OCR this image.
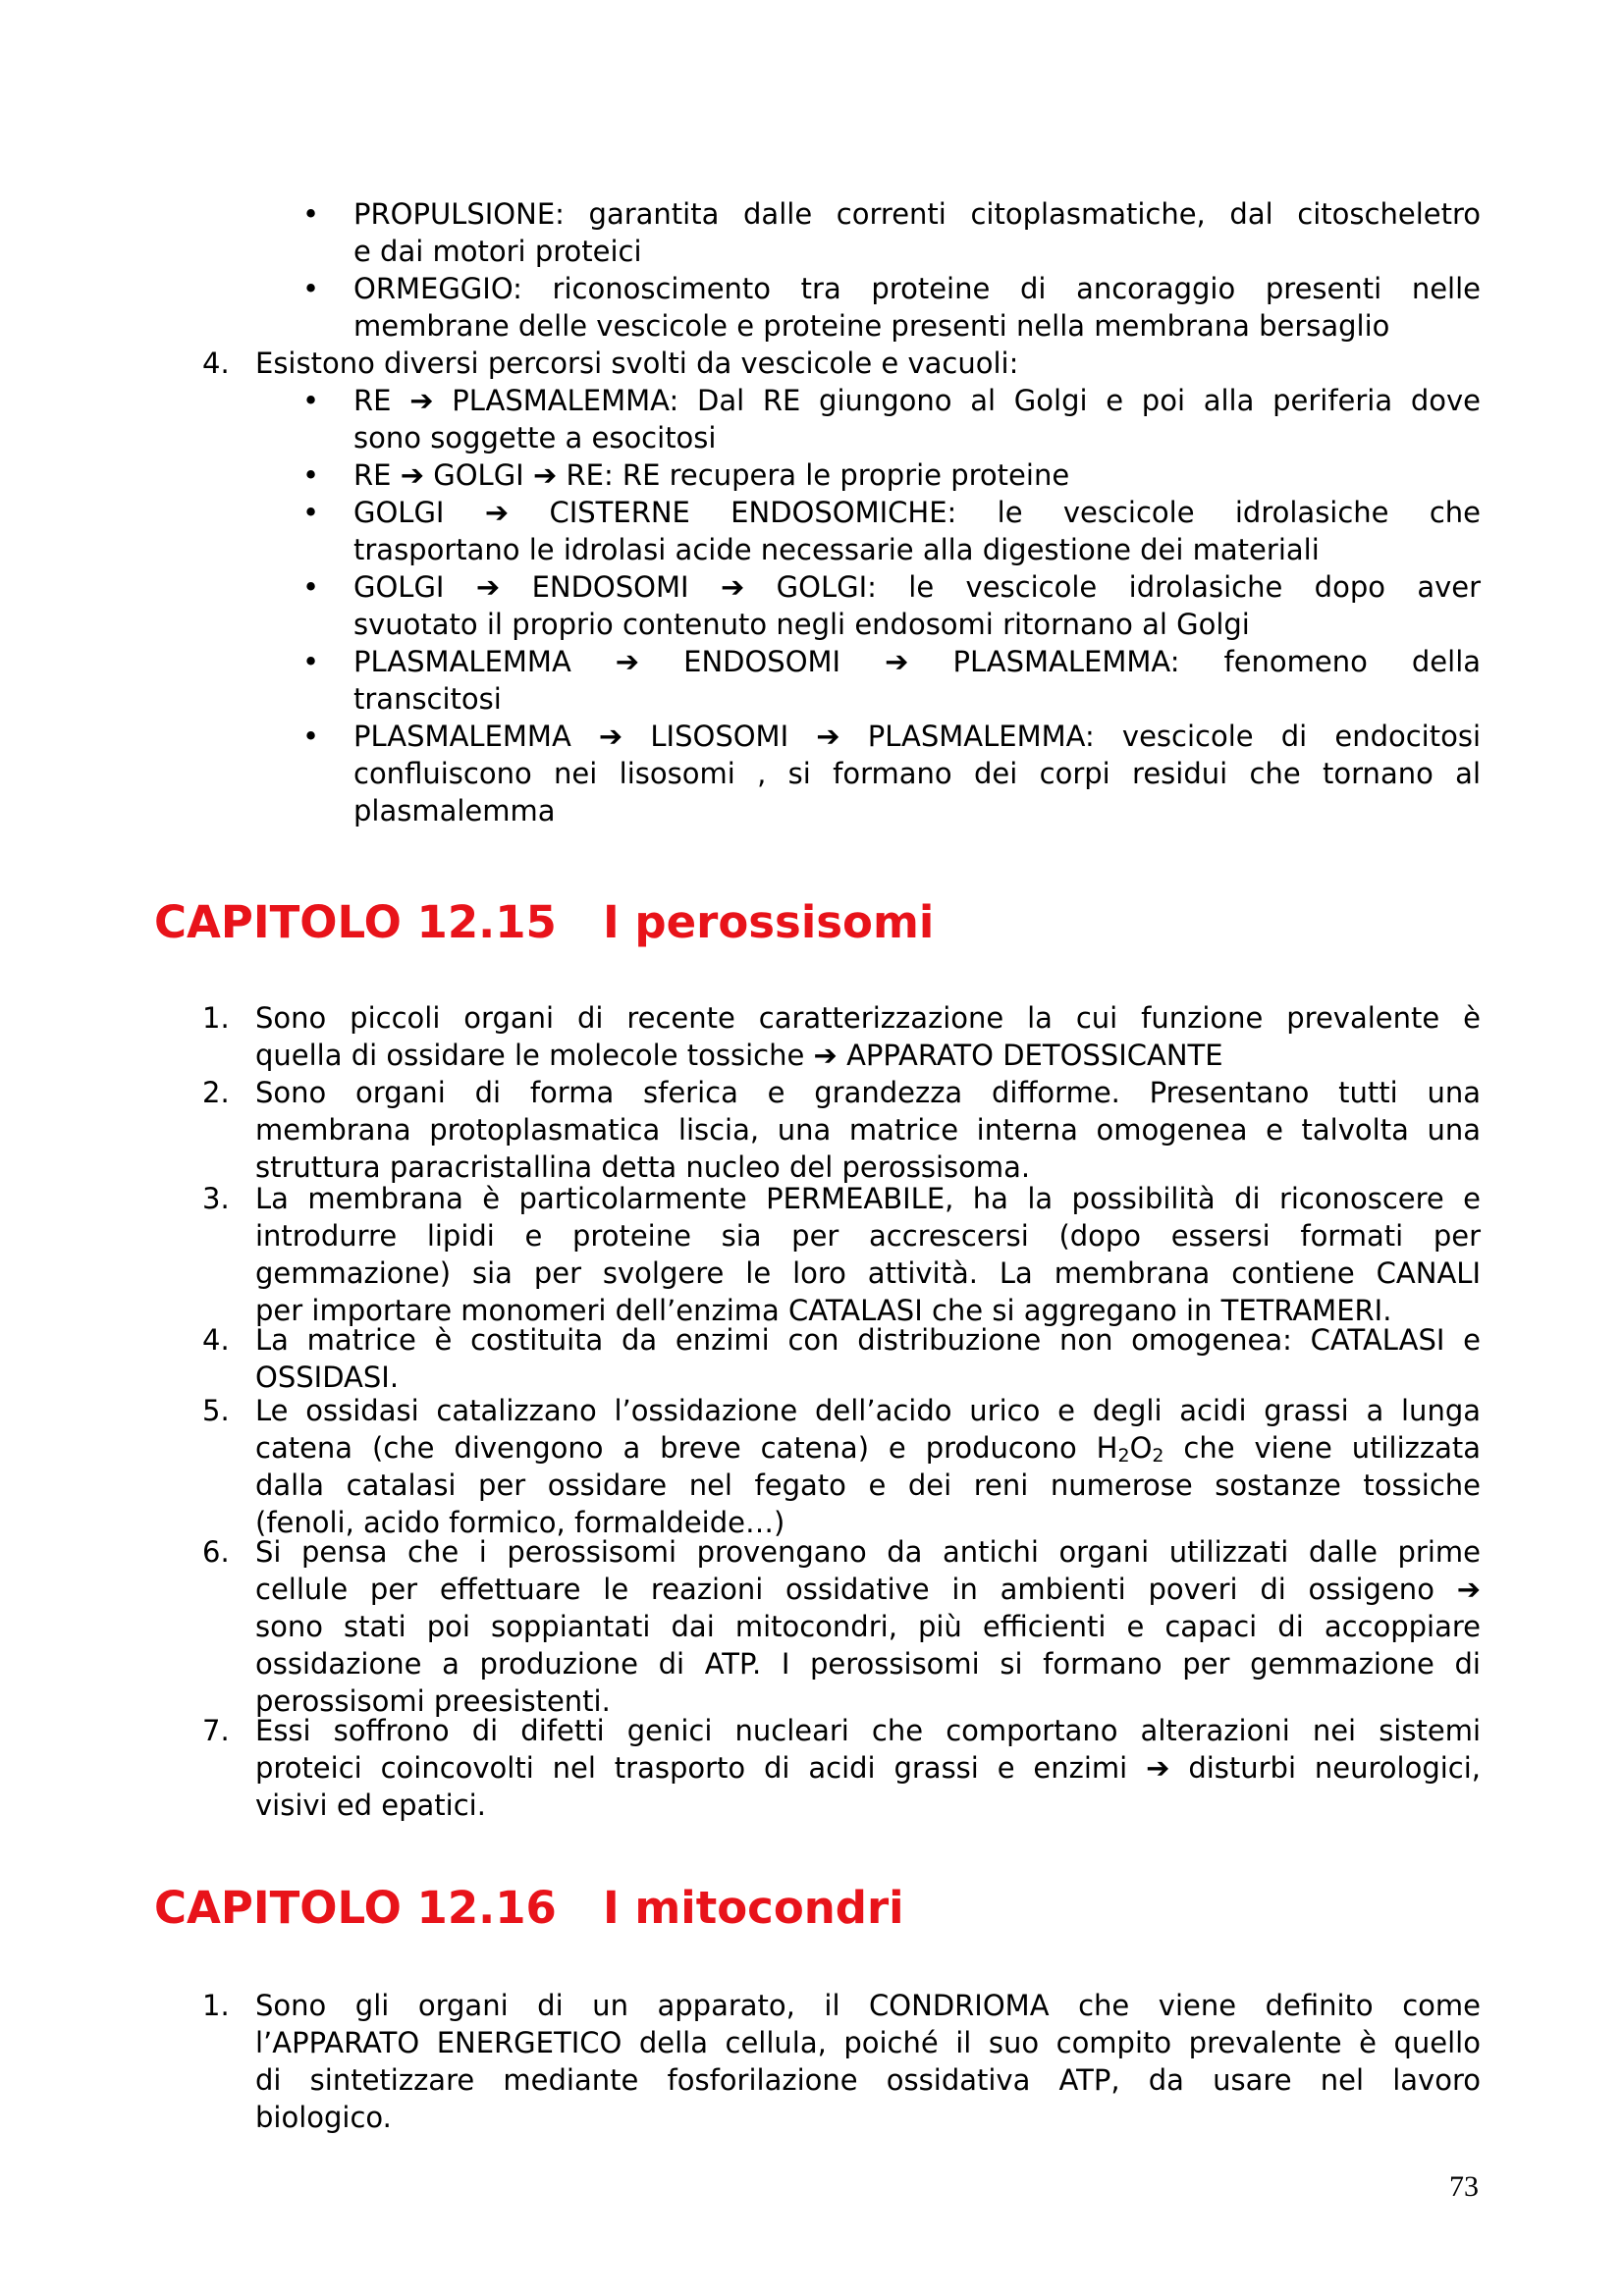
• PROPULSIONE: garantita dalle correnti citoplasmatiche, dal citoscheletro
e dai motori proteici
• ORMEGGIO: riconoscimento tra proteine di ancoraggio presenti nelle
membrane delle vescicole e proteine presenti nella membrana bersaglio
4. Esistono diversi percorsi svolti da vescicole e vacuoli:
• RE ➔ PLASMALEMMA: Dal RE giungono al Golgi e poi alla periferia dove
sono soggette a esocitosi
• RE ➔ GOLGI ➔ RE: RE recupera le proprie proteine
• GOLGI ➔ CISTERNE ENDOSOMICHE: le vescicole idrolasiche che
trasportano le idrolasi acide necessarie alla digestione dei materiali
• GOLGI ➔ ENDOSOMI ➔ GOLGI: le vescicole idrolasiche dopo aver
svuotato il proprio contenuto negli endosomi ritornano al Golgi
• PLASMALEMMA ➔ ENDOSOMI ➔ PLASMALEMMA: fenomeno della
transcitosi
• PLASMALEMMA ➔ LISOSOMI ➔ PLASMALEMMA: vescicole di endocitosi
confluiscono nei lisosomi , si formano dei corpi residui che tornano al
plasmalemma
CAPITOLO 12.15 I perossisomi
1. Sono piccoli organi di recente caratterizzazione la cui funzione prevalente è
quella di ossidare le molecole tossiche ➔ APPARATO DETOSSICANTE
2. Sono organi di forma sferica e grandezza difforme. Presentano tutti una
membrana protoplasmatica liscia, una matrice interna omogenea e talvolta una
struttura paracristallina detta nucleo del perossisoma.
3. La membrana è particolarmente PERMEABILE, ha la possibilità di riconoscere e
introdurre lipidi e proteine sia per accrescersi (dopo essersi formati per
gemmazione) sia per svolgere le loro attività. La membrana contiene CANALI
per importare monomeri dell’enzima CATALASI che si aggregano in TETRAMERI.
4. La matrice è costituita da enzimi con distribuzione non omogenea: CATALASI e
OSSIDASI.
5. Le ossidasi catalizzano l’ossidazione dell’acido urico e degli acidi grassi a lunga
catena (che divengono a breve catena) e producono $H_2O_2$ che viene utilizzata
dalla catalasi per ossidare nel fegato e dei reni numerose sostanze tossiche
(fenoli, acido formico, formaldeide…)
6. Si pensa che i perossisomi provengano da antichi organi utilizzati dalle prime
cellule per effettuare le reazioni ossidative in ambienti poveri di ossigeno ➔
sono stati poi soppiantati dai mitocondri, più efficienti e capaci di accoppiare
ossidazione a produzione di ATP. I perossisomi si formano per gemmazione di
perossisomi preesistenti.
7. Essi soffrono di difetti genici nucleari che comportano alterazioni nei sistemi
proteici coincovolti nel trasporto di acidi grassi e enzimi ➔ disturbi neurologici,
visivi ed epatici.
CAPITOLO 12.16 I mitocondri
1. Sono gli organi di un apparato, il CONDRIOMA che viene definito come
l’APPARATO ENERGETICO della cellula, poiché il suo compito prevalente è quello
di sintetizzare mediante fosforilazione ossidativa ATP, da usare nel lavoro
biologico.
73
